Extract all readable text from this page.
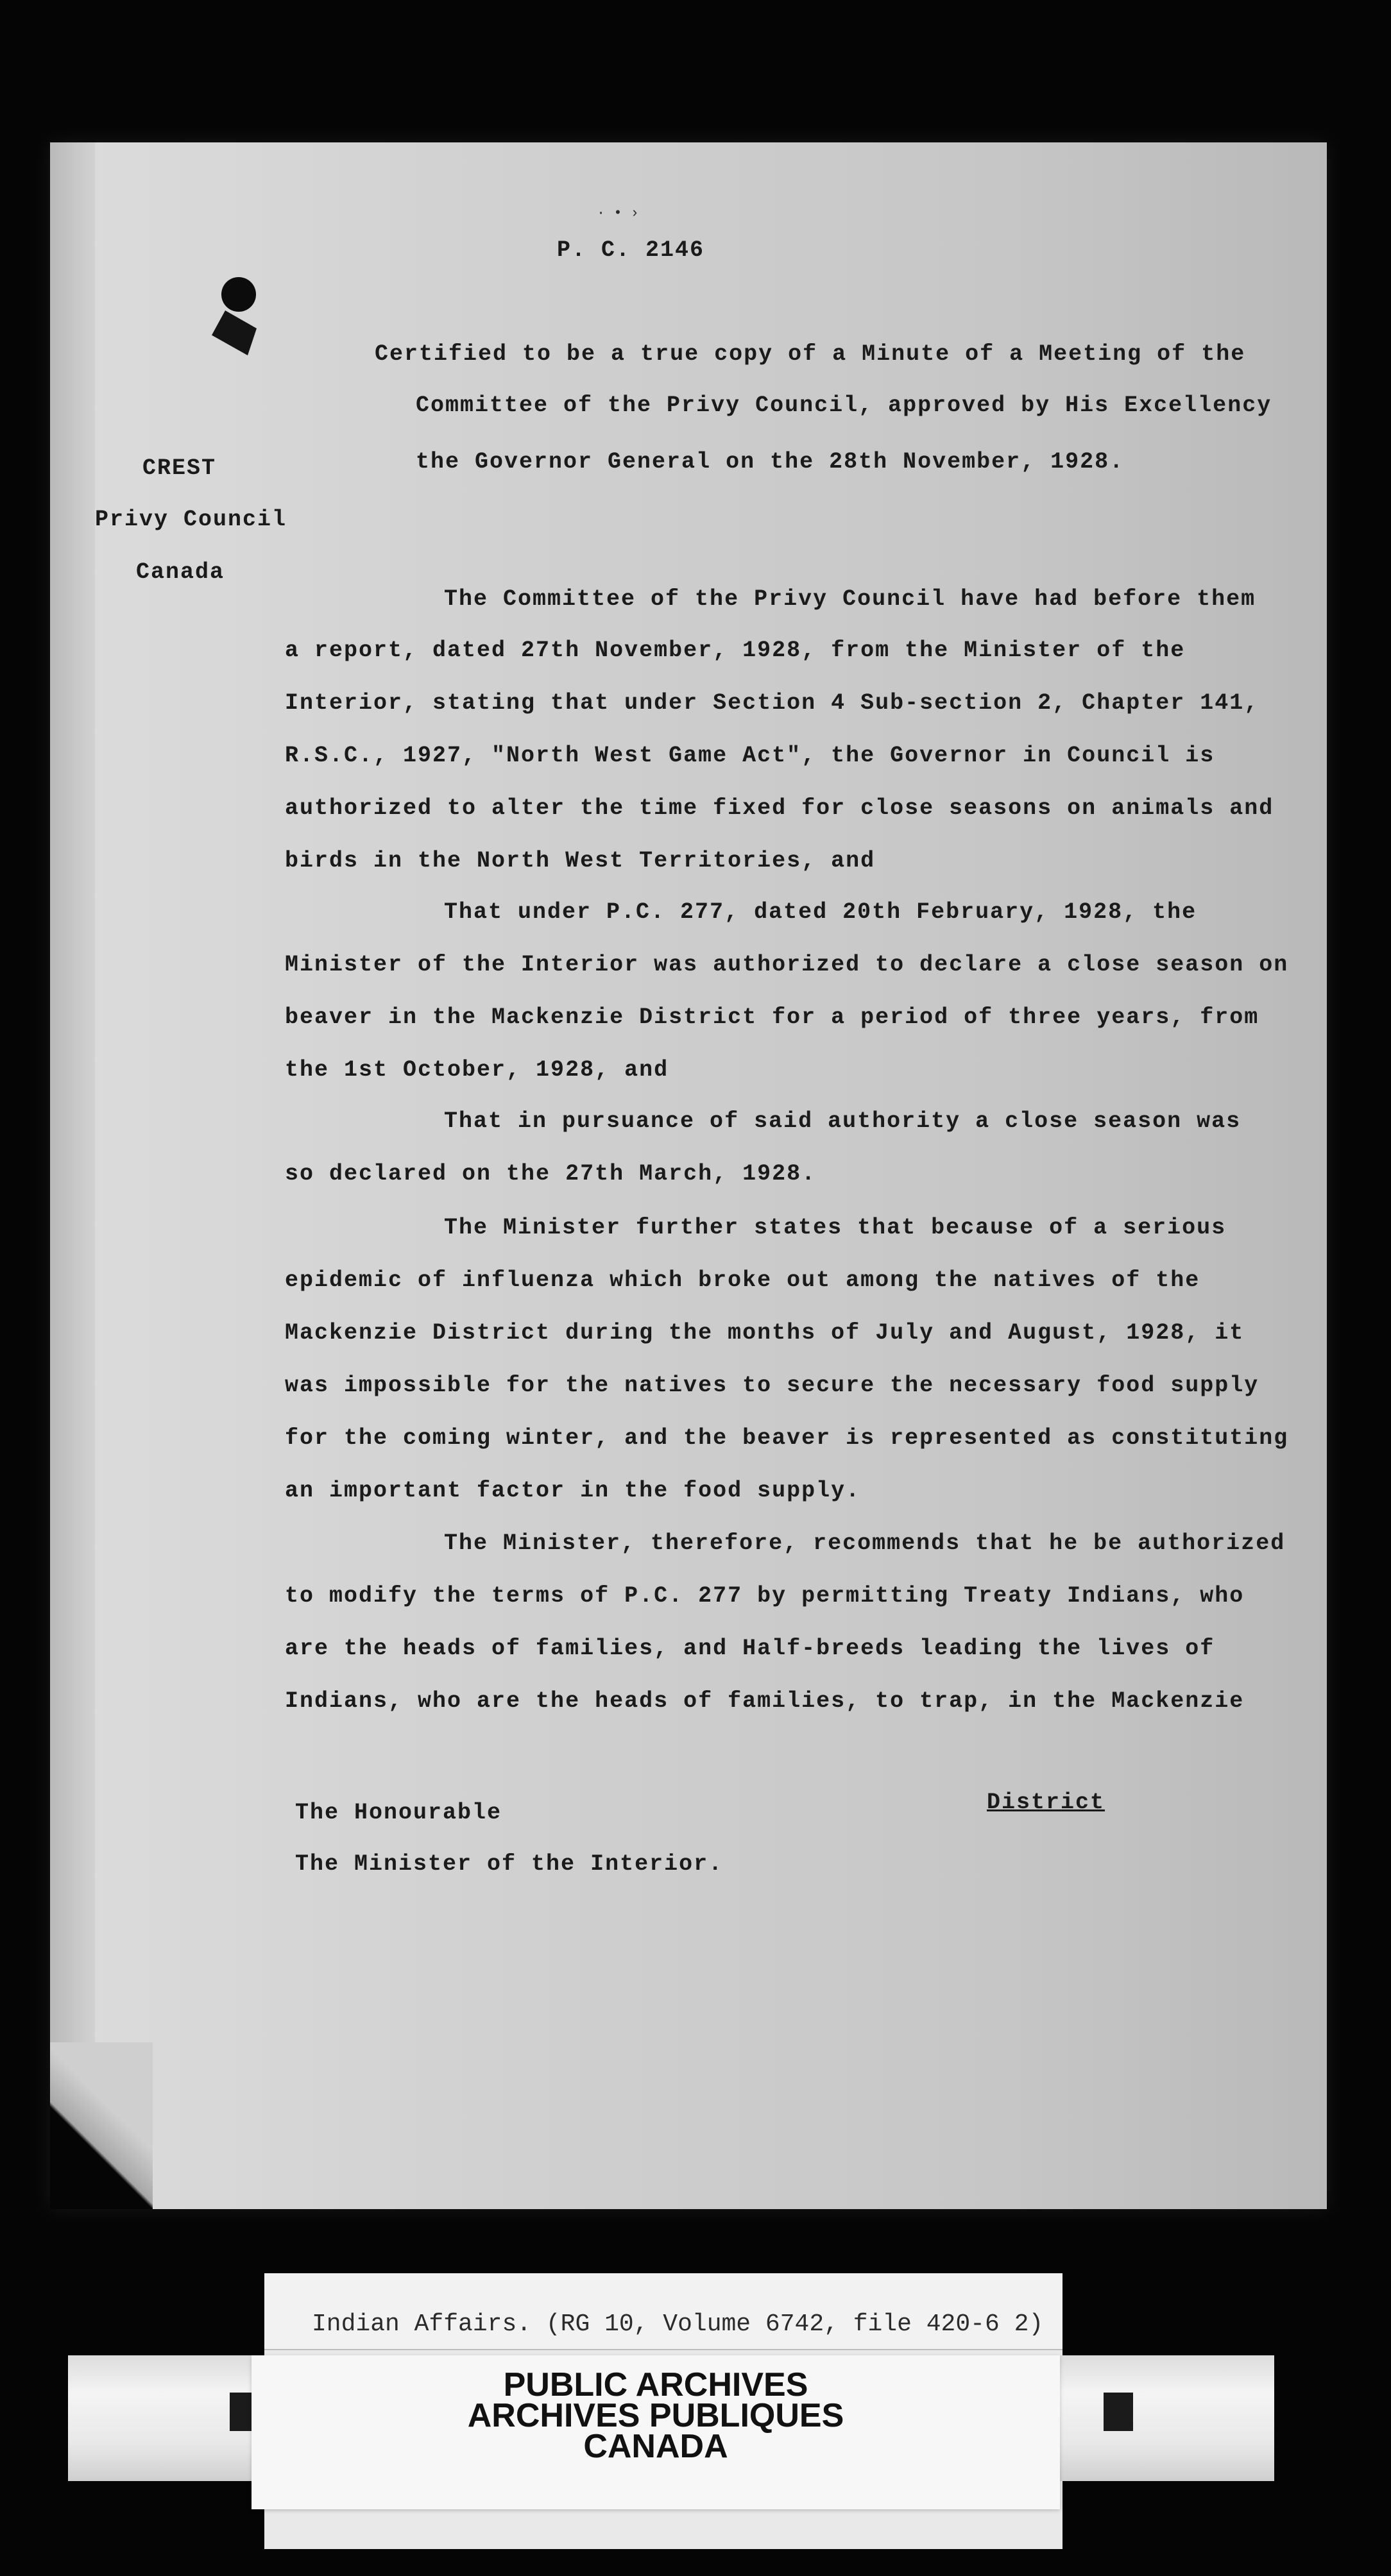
· • ›
P. C. 2146
Certified to be a true copy of a Minute of a Meeting of the
Committee of the Privy Council, approved by His Excellency
the Governor General on the 28th November, 1928.
CREST
Privy Council
Canada
The Committee of the Privy Council have had before them
a report, dated 27th November, 1928, from the Minister of the
Interior, stating that under Section 4 Sub-section 2, Chapter 141,
R.S.C., 1927, "North West Game Act", the Governor in Council is
authorized to alter the time fixed for close seasons on animals and
birds in the North West Territories, and
That under P.C. 277, dated 20th February, 1928, the
Minister of the Interior was authorized to declare a close season on
beaver in the Mackenzie District for a period of three years, from
the 1st October, 1928, and
That in pursuance of said authority a close season was
so declared on the 27th March, 1928.
The Minister further states that because of a serious
epidemic of influenza which broke out among the natives of the
Mackenzie District during the months of July and August, 1928, it
was impossible for the natives to secure the necessary food supply
for the coming winter, and the beaver is represented as constituting
an important factor in the food supply.
The Minister, therefore, recommends that he be authorized
to modify the terms of P.C. 277 by permitting Treaty Indians, who
are the heads of families, and Half-breeds leading the lives of
Indians, who are the heads of families, to trap, in the Mackenzie
District
The Honourable
The Minister of the Interior.
Indian Affairs. (RG 10, Volume 6742, file 420-6 2)
PUBLIC ARCHIVES
ARCHIVES PUBLIQUES
CANADA
